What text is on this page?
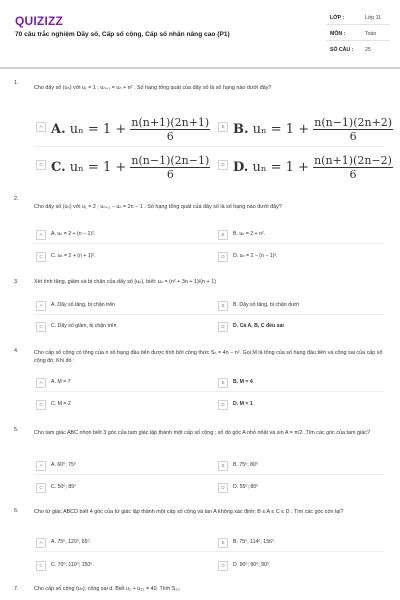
QUIZIZZ
70 câu trắc nghiệm Dãy số, Cấp số cộng, Cấp số nhân nâng cao (P1)
LỚP :	Lớp 11
MÔN :	Toán
SỐ CÂU : 25
1.
Cho dãy số (uₙ) với u₁ = 1 ; uₙ₊₁ = uₙ + n² . Số hạng tổng quát của dãy số là số hạng nào dưới đây?
A A. $u_n = 1 + \frac{n(n+1)(2n+1)}{6}$	B B. $u_n = 1 + \frac{n(n-1)(2n+2)}{6}$
C C. $u_n = 1 + \frac{n(n-1)(2n-1)}{6}$	D D. $u_n = 1 + \frac{n(n+1)(2n-2)}{6}$
2.
Cho dãy số (uₙ) với u₁ = 2 ; uₙ₊₁ − uₙ = 2n − 1 . Số hạng tổng quát của dãy số là số hạng nào dưới đây?
A	A. uₙ = 2 + (n − 1)².	B	B. uₙ = 2 + n².
C	C. uₙ = 2 + (n + 1)².	D	D. uₙ = 2 − (n − 1)².
3.	Xét tính tăng, giảm và bị chặn của dãy số (uₙ), biết: uₙ = (n² + 3n + 1)/(n + 1)
A	A. Dãy số tăng, bị chặn trên	B	B. Dãy số tăng, bị chặn dưới
C	C. Dãy số giảm, bị chặn trên	D	D. Cả A, B, C đều sai
4.	Cho cấp số cộng có tổng của n số hạng đầu tiên được tính bởi công thức Sₙ = 4n − n². Gọi M là tổng của số hạng đầu tiên và công sai của cấp số cộng đó. Khi đó :
A	A. M = 7	B	B. M = 4
C	C. M = 2	D	D. M = 1
5.	Cho tam giác ABC nhọn biết 3 góc của tam giác lập thành một cấp số cộng ; số đo góc A nhỏ nhất và sin A = π/2 .Tìm các góc của tam giác?
A	A. 60⁰; 75⁰	B	B. 75⁰; 80⁰
C	C. 50⁰; 85⁰	D	D. 55⁰; 80⁰
6.	Cho tứ giác ABCD biết 4 góc của tứ giác lập thành một cấp số cộng và tan A không xác định; B ≤ A ≤ C ≤ D . Tìm các góc còn lại?
A	A. 75⁰, 120⁰, 65⁰.	B	B. 75⁰, 114⁰, 156⁰.
C	C. 70⁰; 110⁰; 150⁰.	D	D. 90⁰; 90⁰; 90⁰.
7.	Cho cấp số cộng (uₙ); công sai d. Biết u₂ + u₂₂ = 40. Tính S₂₃
